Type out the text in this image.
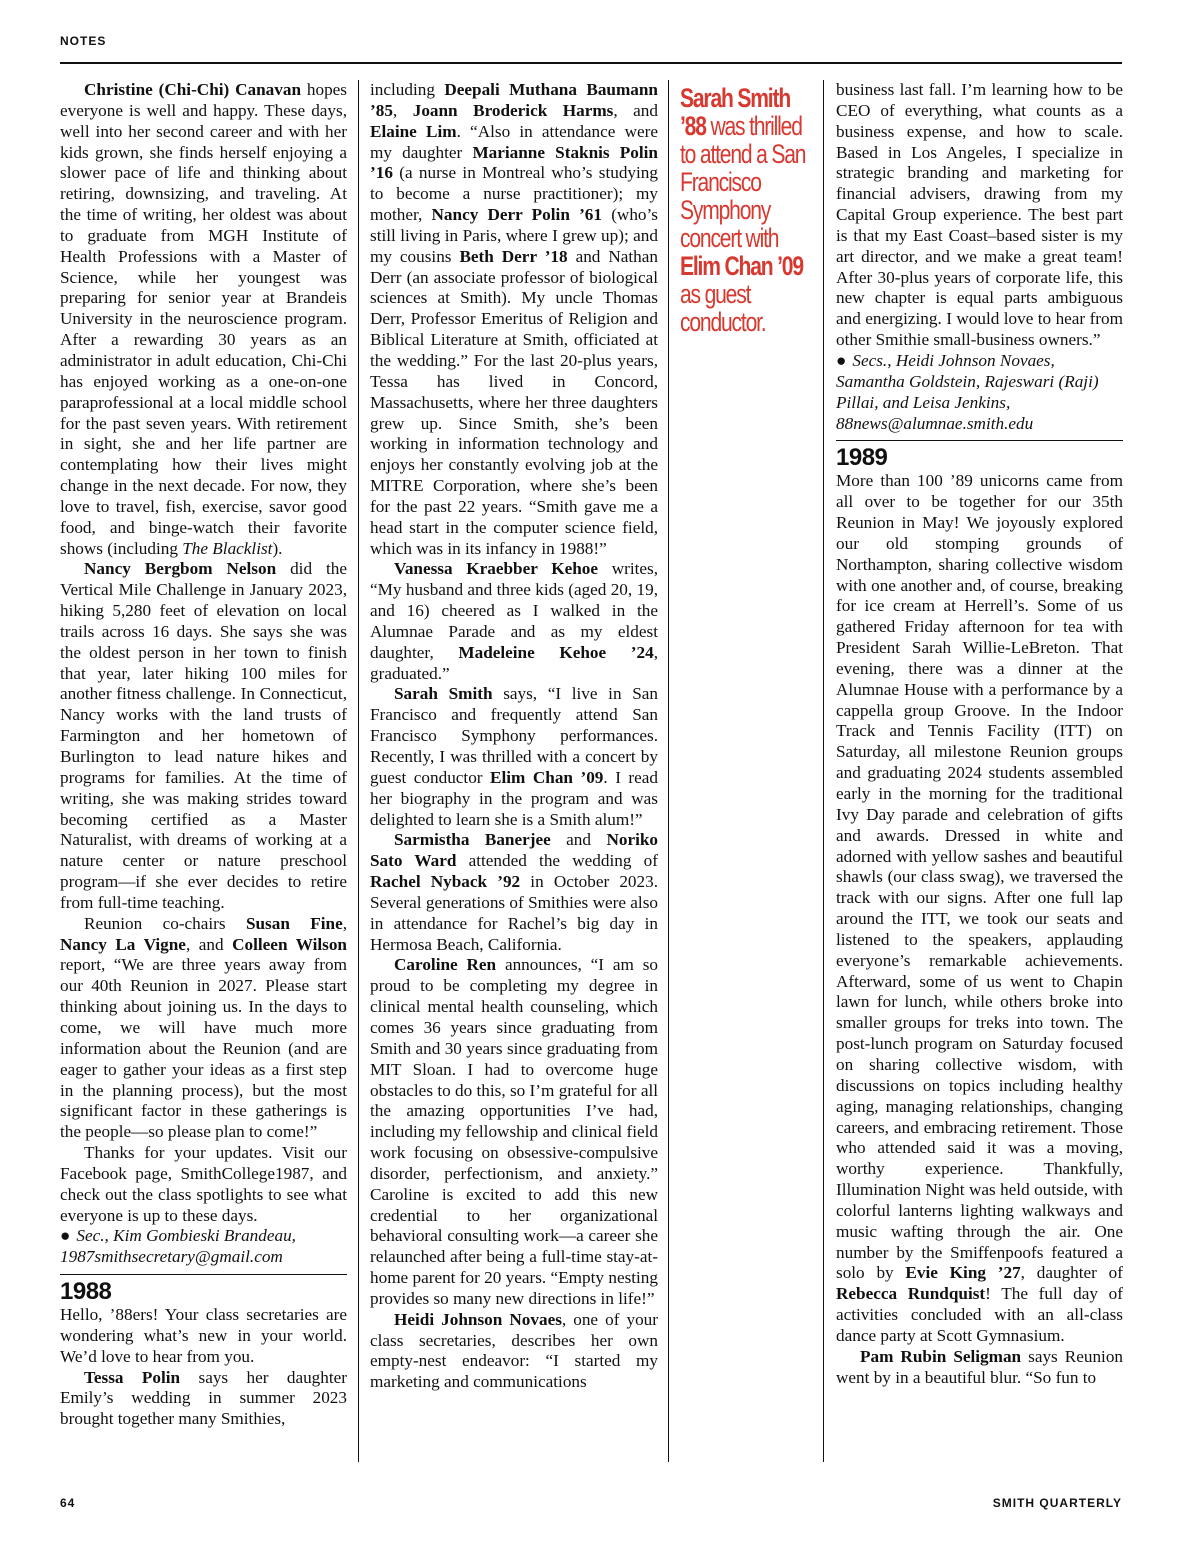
NOTES

Christine (Chi-Chi) Canavan hopes everyone is well and happy. These days, well into her second career and with her kids grown, she finds herself enjoying a slower pace of life and thinking about retiring, downsizing, and traveling. At the time of writing, her oldest was about to graduate from MGH Institute of Health Professions with a Master of Science, while her youngest was preparing for senior year at Brandeis University in the neuroscience program. After a rewarding 30 years as an administrator in adult education, Chi-Chi has enjoyed working as a one-on-one paraprofessional at a local middle school for the past seven years. With retirement in sight, she and her life partner are contemplating how their lives might change in the next decade. For now, they love to travel, fish, exercise, savor good food, and binge-watch their favorite shows (including The Blacklist).

Nancy Bergbom Nelson did the Vertical Mile Challenge in January 2023, hiking 5,280 feet of elevation on local trails across 16 days. She says she was the oldest person in her town to finish that year, later hiking 100 miles for another fitness challenge. In Connecticut, Nancy works with the land trusts of Farmington and her hometown of Burlington to lead nature hikes and programs for families. At the time of writing, she was making strides toward becoming certified as a Master Naturalist, with dreams of working at a nature center or nature preschool program—if she ever decides to retire from full-time teaching.

Reunion co-chairs Susan Fine, Nancy La Vigne, and Colleen Wilson report, “We are three years away from our 40th Reunion in 2027. Please start thinking about joining us. In the days to come, we will have much more information about the Reunion (and are eager to gather your ideas as a first step in the planning process), but the most significant factor in these gatherings is the people—so please plan to come!”

Thanks for your updates. Visit our Facebook page, SmithCollege1987, and check out the class spotlights to see what everyone is up to these days.

● Sec., Kim Gombieski Brandeau,
1987smithsecretary@gmail.com
1988

Hello, ’88ers! Your class secretaries are wondering what’s new in your world. We’d love to hear from you.

Tessa Polin says her daughter Emily’s wedding in summer 2023 brought together many Smithies,

including Deepali Muthana Baumann ’85, Joann Broderick Harms, and Elaine Lim. “Also in attendance were my daughter Marianne Staknis Polin ’16 (a nurse in Montreal who’s studying to become a nurse practitioner); my mother, Nancy Derr Polin ’61 (who’s still living in Paris, where I grew up); and my cousins Beth Derr ’18 and Nathan Derr (an associate professor of biological sciences at Smith). My uncle Thomas Derr, Professor Emeritus of Religion and Biblical Literature at Smith, officiated at the wedding.” For the last 20-plus years, Tessa has lived in Concord, Massachusetts, where her three daughters grew up. Since Smith, she’s been working in information technology and enjoys her constantly evolving job at the MITRE Corporation, where she’s been for the past 22 years. “Smith gave me a head start in the computer science field, which was in its infancy in 1988!”

Vanessa Kraebber Kehoe writes, “My husband and three kids (aged 20, 19, and 16) cheered as I walked in the Alumnae Parade and as my eldest daughter, Madeleine Kehoe ’24, graduated.”

Sarah Smith says, “I live in San Francisco and frequently attend San Francisco Symphony performances. Recently, I was thrilled with a concert by guest conductor Elim Chan ’09. I read her biography in the program and was delighted to learn she is a Smith alum!”

Sarmistha Banerjee and Noriko Sato Ward attended the wedding of Rachel Nyback ’92 in October 2023. Several generations of Smithies were also in attendance for Rachel’s big day in Hermosa Beach, California.

Caroline Ren announces, “I am so proud to be completing my degree in clinical mental health counseling, which comes 36 years since graduating from Smith and 30 years since graduating from MIT Sloan. I had to overcome huge obstacles to do this, so I’m grateful for all the amazing opportunities I’ve had, including my fellowship and clinical field work focusing on obsessive-compulsive disorder, perfectionism, and anxiety.” Caroline is excited to add this new credential to her organizational behavioral consulting work—a career she relaunched after being a full-time stay-at-home parent for 20 years. “Empty nesting provides so many new directions in life!”

Heidi Johnson Novaes, one of your class secretaries, describes her own empty-nest endeavor: “I started my marketing and communications

Sarah Smith ’88 was thrilled to attend a San Francisco Symphony concert with Elim Chan ’09 as guest conductor.

business last fall. I’m learning how to be CEO of everything, what counts as a business expense, and how to scale. Based in Los Angeles, I specialize in strategic branding and marketing for financial advisers, drawing from my Capital Group experience. The best part is that my East Coast–based sister is my art director, and we make a great team! After 30-plus years of corporate life, this new chapter is equal parts ambiguous and energizing. I would love to hear from other Smithie small-business owners.”

● Secs., Heidi Johnson Novaes,
Samantha Goldstein, Rajeswari (Raji)
Pillai, and Leisa Jenkins,
88news@alumnae.smith.edu
1989

More than 100 ’89 unicorns came from all over to be together for our 35th Reunion in May! We joyously explored our old stomping grounds of Northampton, sharing collective wisdom with one another and, of course, breaking for ice cream at Herrell’s. Some of us gathered Friday afternoon for tea with President Sarah Willie-LeBreton. That evening, there was a dinner at the Alumnae House with a performance by a cappella group Groove. In the Indoor Track and Tennis Facility (ITT) on Saturday, all milestone Reunion groups and graduating 2024 students assembled early in the morning for the traditional Ivy Day parade and celebration of gifts and awards. Dressed in white and adorned with yellow sashes and beautiful shawls (our class swag), we traversed the track with our signs. After one full lap around the ITT, we took our seats and listened to the speakers, applauding everyone’s remarkable achievements. Afterward, some of us went to Chapin lawn for lunch, while others broke into smaller groups for treks into town. The post-lunch program on Saturday focused on sharing collective wisdom, with discussions on topics including healthy aging, managing relationships, changing careers, and embracing retirement. Those who attended said it was a moving, worthy experience. Thankfully, Illumination Night was held outside, with colorful lanterns lighting walkways and music wafting through the air. One number by the Smiffenpoofs featured a solo by Evie King ’27, daughter of Rebecca Rundquist! The full day of activities concluded with an all-class dance party at Scott Gymnasium.

Pam Rubin Seligman says Reunion went by in a beautiful blur. “So fun to

64	SMITH QUARTERLY
